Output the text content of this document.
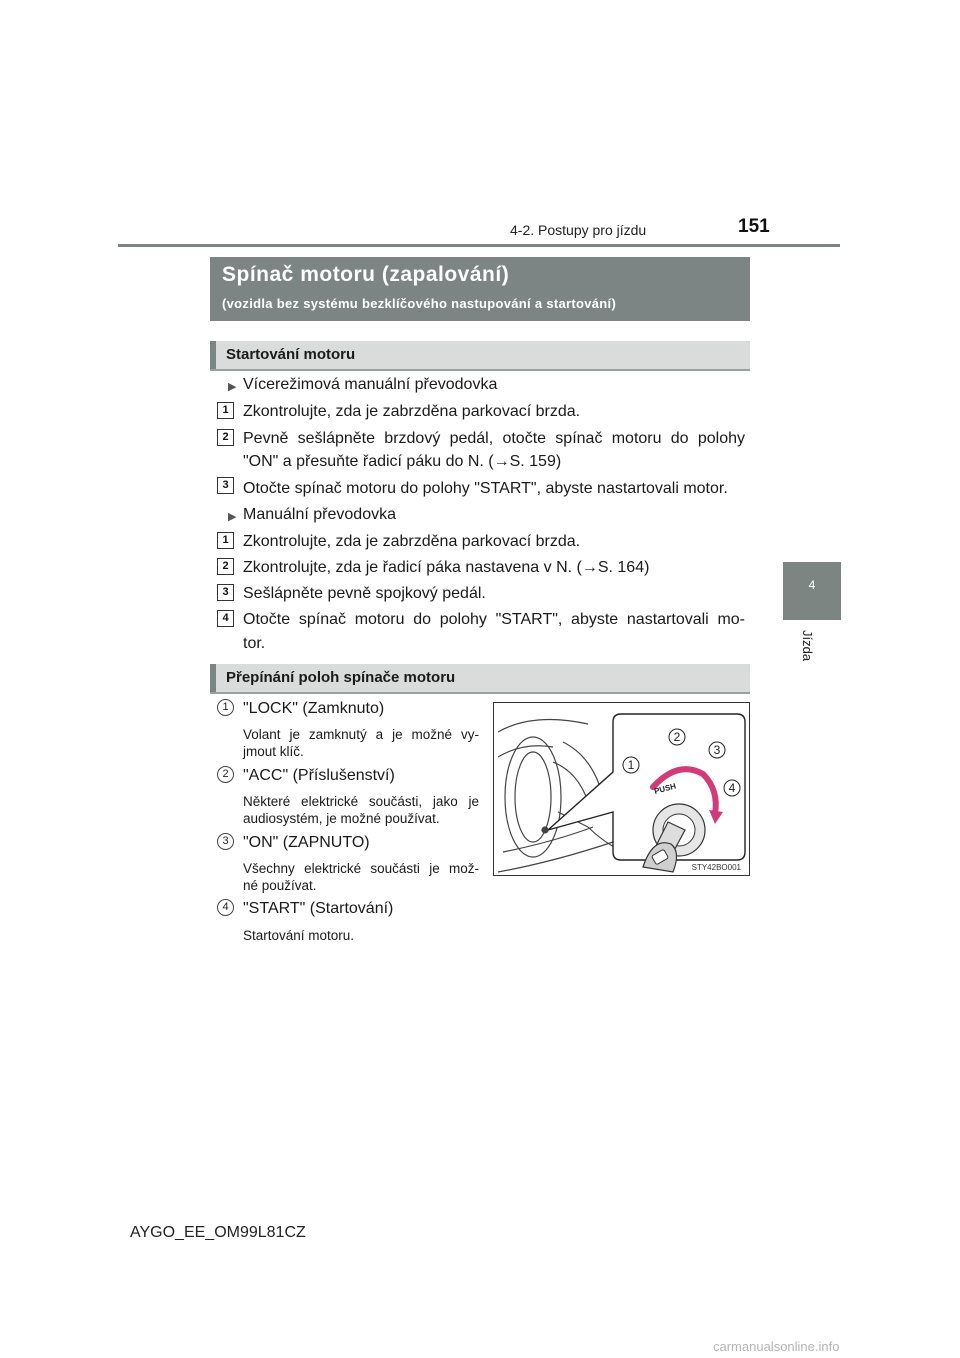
4-2. Postupy pro jízdu	151
4
Jízda
Spínač motoru (zapalování)
(vozidla bez systému bezklíčového nastupování a startování)
Startování motoru
▶ Vícerežimová manuální převodovka
1 Zkontrolujte, zda je zabrzděna parkovací brzda.
2 Pevně sešlápněte brzdový pedál, otočte spínač motoru do polohy
"ON" a přesuňte řadicí páku do N. (→S. 159)
3 Otočte spínač motoru do polohy "START", abyste nastartovali motor.
▶ Manuální převodovka
1 Zkontrolujte, zda je zabrzděna parkovací brzda.
2 Zkontrolujte, zda je řadicí páka nastavena v N. (→S. 164)
3 Sešlápněte pevně spojkový pedál.
4 Otočte spínač motoru do polohy "START", abyste nastartovali mo-
tor.
Přepínání poloh spínače motoru
1 "LOCK" (Zamknuto)
Volant je zamknutý a je možné vy-
jmout klíč.
2 "ACC" (Příslušenství)
Některé elektrické součásti, jako je
audiosystém, je možné používat.
3 "ON" (ZAPNUTO)
Všechny elektrické součásti je mož-
né používat.
4 "START" (Startování)
Startování motoru.
PUSH
1
2
3
4
STY42BO001
AYGO_EE_OM99L81CZ
carmanualsonline.info
